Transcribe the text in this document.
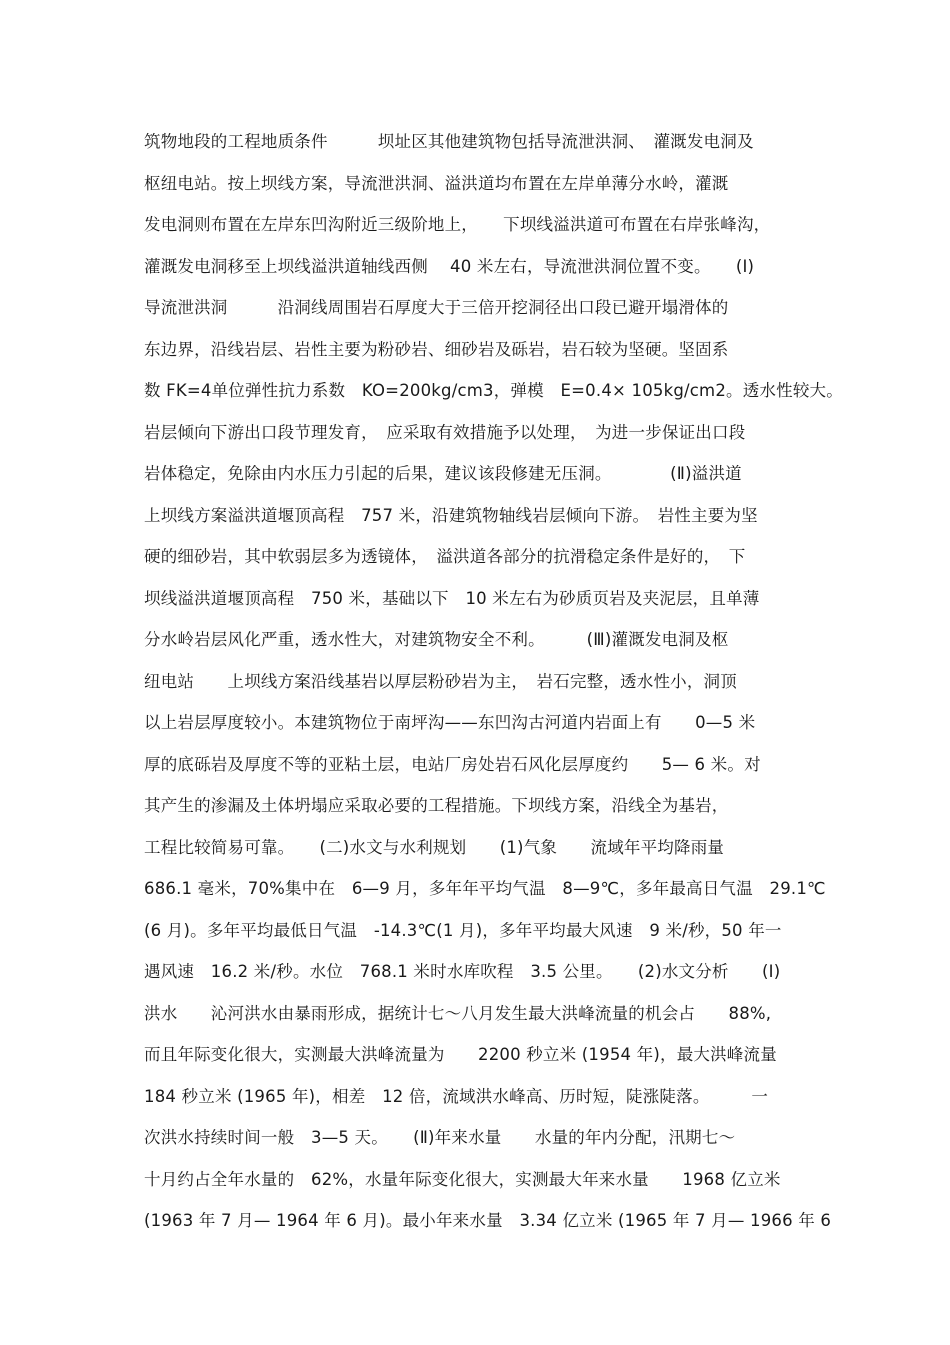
筑物地段的工程地质条件　　　坝址区其他建筑物包括导流泄洪洞、　灌溉发电洞及
枢纽电站。按上坝线方案，导流泄洪洞、溢洪道均布置在左岸单薄分水岭，灌溉
发电洞则布置在左岸东凹沟附近三级阶地上，　　下坝线溢洪道可布置在右岸张峰沟，
灌溉发电洞移至上坝线溢洪道轴线西侧　 40 米左右，导流泄洪洞位置不变。　　(Ⅰ)
导流泄洪洞　　　沿洞线周围岩石厚度大于三倍开挖洞径出口段已避开塌滑体的
东边界，沿线岩层、岩性主要为粉砂岩、细砂岩及砾岩，岩石较为坚硬。坚固系
数 FK=4单位弹性抗力系数　KO=200kg/cm3，弹模　E=0.4× 105kg/cm2。透水性较大。
岩层倾向下游出口段节理发育，　应采取有效措施予以处理，　为进一步保证出口段
岩体稳定，免除由内水压力引起的后果，建议该段修建无压洞。　　　　(Ⅱ)溢洪道
上坝线方案溢洪道堰顶高程　757 米，沿建筑物轴线岩层倾向下游。　岩性主要为坚
硬的细砂岩，其中软弱层多为透镜体，　溢洪道各部分的抗滑稳定条件是好的，　下
坝线溢洪道堰顶高程　750 米，基础以下　10 米左右为砂质页岩及夹泥层，且单薄
分水岭岩层风化严重，透水性大，对建筑物安全不利。　　　(Ⅲ)灌溉发电洞及枢
纽电站　　上坝线方案沿线基岩以厚层粉砂岩为主，　岩石完整，透水性小，洞顶
以上岩层厚度较小。本建筑物位于南坪沟——东凹沟古河道内岩面上有　　0—5 米
厚的底砾岩及厚度不等的亚粘土层，电站厂房处岩石风化层厚度约　　5— 6 米。对
其产生的渗漏及土体坍塌应采取必要的工程措施。下坝线方案，沿线全为基岩，
工程比较简易可靠。　　(二)水文与水利规划　　(1)气象　　流域年平均降雨量
686.1 毫米，70%集中在　6—9 月，多年年平均气温　8—9℃，多年最高日气温　29.1℃
(6 月)。多年平均最低日气温　-14.3℃(1 月)，多年平均最大风速　9 米/秒，50 年一
遇风速　16.2 米/秒。水位　768.1 米时水库吹程　3.5 公里。　　(2)水文分析　　(Ⅰ)
洪水　　沁河洪水由暴雨形成，据统计七～八月发生最大洪峰流量的机会占　　88%,
而且年际变化很大，实测最大洪峰流量为　　2200 秒立米 (1954 年)，最大洪峰流量
184 秒立米 (1965 年)，相差　12 倍，流域洪水峰高、历时短，陡涨陡落。　　　一
次洪水持续时间一般　3—5 天。　　(Ⅱ)年来水量　　水量的年内分配，汛期七～
十月约占全年水量的　62%，水量年际变化很大，实测最大年来水量　　1968 亿立米
(1963 年 7 月— 1964 年 6 月)。最小年来水量　3.34 亿立米 (1965 年 7 月— 1966 年 6
